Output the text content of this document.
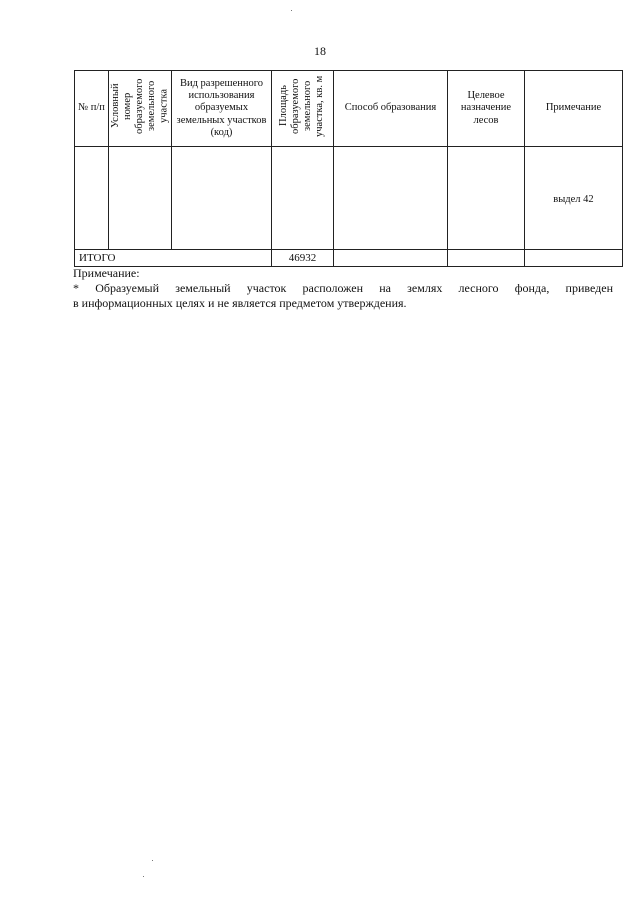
18
№ п/п	Условный номер образуемого земельного участка	Вид разрешенного использования образуемых земельных участков (код)	Площадь образуемого земельного участка, кв. м	Способ образования	Целевое назначение лесов	Примечание
						выдел 42
ИТОГО			46932			
Примечание:
* Образуемый земельный участок расположен на землях лесного фонда, приведен
в информационных целях и не является предметом утверждения.
